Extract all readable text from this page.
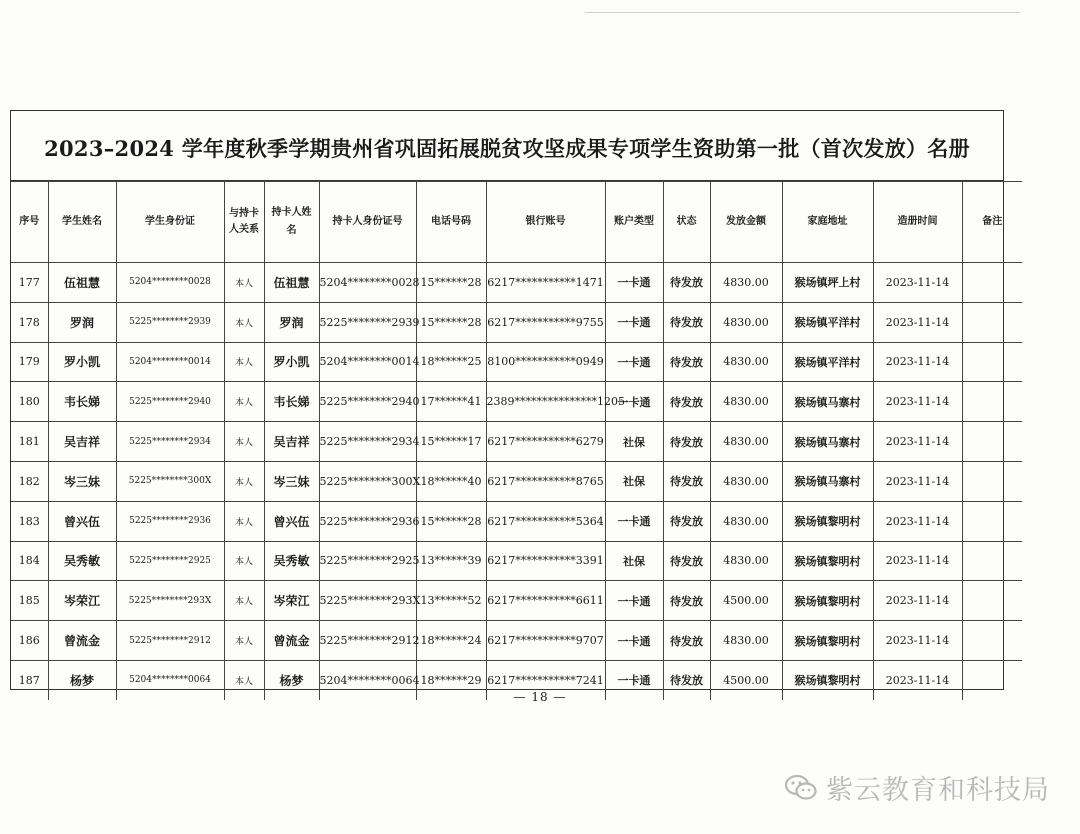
2023–2024 学年度秋季学期贵州省巩固拓展脱贫攻坚成果专项学生资助第一批（首次发放）名册
序号	学生姓名	学生身份证	与持卡人关系	持卡人姓名	持卡人身份证号	电话号码	银行账号	账户类型	状态	发放金额	家庭地址	造册时间	备注
177	伍祖慧	5204********0028	本人	伍祖慧	5204********0028	15******28	6217***********1471	一卡通	待发放	4830.00	猴场镇坪上村	2023-11-14	
178	罗润	5225********2939	本人	罗润	5225********2939	15******28	6217***********9755	一卡通	待发放	4830.00	猴场镇平洋村	2023-11-14	
179	罗小凯	5204********0014	本人	罗小凯	5204********0014	18******25	8100***********0949	一卡通	待发放	4830.00	猴场镇平洋村	2023-11-14	
180	韦长娣	5225********2940	本人	韦长娣	5225********2940	17******41	2389***************1205	一卡通	待发放	4830.00	猴场镇马寨村	2023-11-14	
181	吴吉祥	5225********2934	本人	吴吉祥	5225********2934	15******17	6217***********6279	社保	待发放	4830.00	猴场镇马寨村	2023-11-14	
182	岑三妹	5225********300X	本人	岑三妹	5225********300X	18******40	6217***********8765	社保	待发放	4830.00	猴场镇马寨村	2023-11-14	
183	曾兴伍	5225********2936	本人	曾兴伍	5225********2936	15******28	6217***********5364	一卡通	待发放	4830.00	猴场镇黎明村	2023-11-14	
184	吴秀敏	5225********2925	本人	吴秀敏	5225********2925	13******39	6217***********3391	社保	待发放	4830.00	猴场镇黎明村	2023-11-14	
185	岑荣江	5225********293X	本人	岑荣江	5225********293X	13******52	6217***********6611	一卡通	待发放	4500.00	猴场镇黎明村	2023-11-14	
186	曾流金	5225********2912	本人	曾流金	5225********2912	18******24	6217***********9707	一卡通	待发放	4830.00	猴场镇黎明村	2023-11-14	
187	杨梦	5204********0064	本人	杨梦	5204********0064	18******29	6217***********7241	一卡通	待发放	4500.00	猴场镇黎明村	2023-11-14	
— 18 —
紫云教育和科技局
